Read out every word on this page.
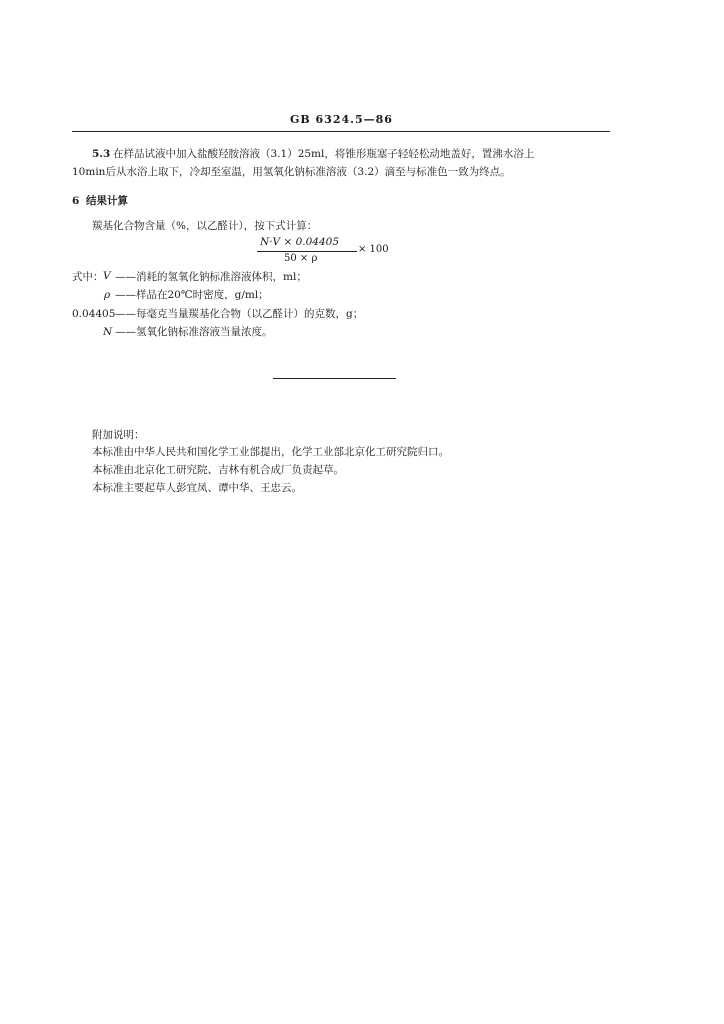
GB 6324.5—86
5.3 在样品试液中加入盐酸羟胺溶液（3.1）25ml，将锥形瓶塞子轻轻松动地盖好，置沸水浴上
10min后从水浴上取下，冷却至室温，用氢氧化钠标准溶液（3.2）滴至与标准色一致为终点。
6 结果计算
羰基化合物含量（%，以乙醛计），按下式计算：
N·V × 0.04405
50 × ρ
× 100
式中： V ——消耗的氢氧化钠标准溶液体积，ml；
ρ ——样品在20℃时密度，g/ml；
0.04405 ——每毫克当量羰基化合物（以乙醛计）的克数，g；
N ——氢氧化钠标准溶液当量浓度。
附加说明：
本标准由中华人民共和国化学工业部提出，化学工业部北京化工研究院归口。
本标准由北京化工研究院、吉林有机合成厂负责起草。
本标准主要起草人彭宜凤、谭中华、王忠云。
